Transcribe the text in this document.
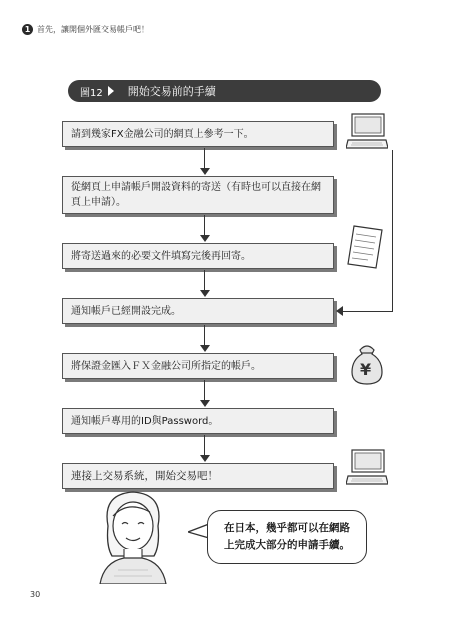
1 首先，讓開個外匯交易帳戶吧！
圖12 開始交易前的手續
請到幾家FX金融公司的網頁上參考一下。
從網頁上申請帳戶開設資料的寄送（有時也可以直接在網頁上申請）。
將寄送過來的必要文件填寫完後再回寄。
通知帳戶已經開設完成。
將保證金匯入ＦＸ金融公司所指定的帳戶。
通知帳戶專用的ID與Password。
連接上交易系統，開始交易吧！
¥
在日本，幾乎都可以在網路
上完成大部分的申請手續。
30
